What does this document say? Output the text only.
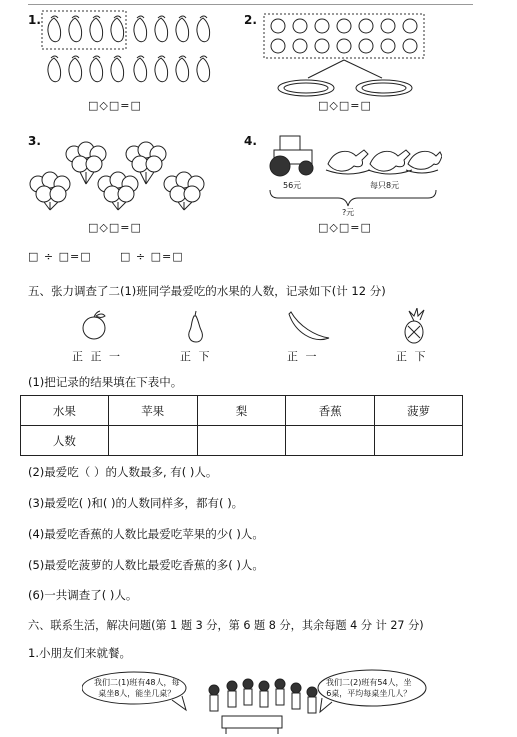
1.
□◇□=□
2.
□◇□=□
3.
□◇□=□
4.
56元	每只8元
?元
□◇□=□
□ ÷ □=□	□ ÷ □=□
五、张力调查了二(1)班同学最爱吃的水果的人数，记录如下(计 12 分)
正 正 一	正 下	正 一	正 下
(1)把记录的结果填在下表中。
水果	苹果	梨	香蕉	菠萝
人数				
(2)最爱吃（ ）的人数最多, 有( )人。
(3)最爱吃( )和( )的人数同样多，都有( )。
(4)最爱吃香蕉的人数比最爱吃苹果的少( )人。
(5)最爱吃菠萝的人数比最爱吃香蕉的多( )人。
(6)一共调查了( )人。
六、联系生活，解决问题(第 1 题 3 分，第 6 题 8 分，其余每题 4 分 计 27 分)
1.小朋友们来就餐。
我们二(1)班有48人，每
桌坐8人，能坐几桌？
我们二(2)班有54人，坐
6桌，平均每桌坐几人？
